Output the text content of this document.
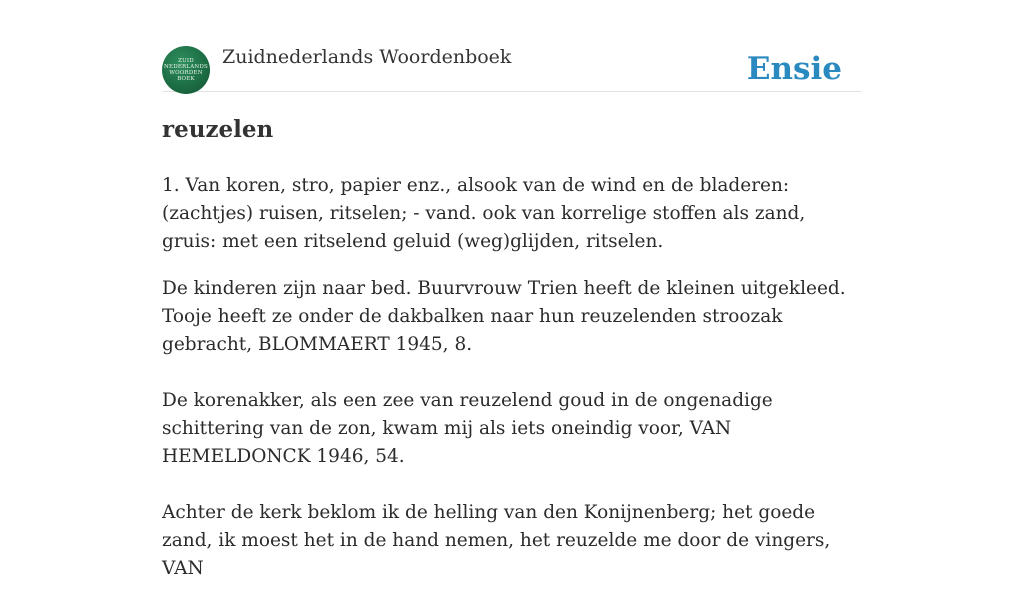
ZUID
NEDERLANDS
WOORDEN
BOEK
Zuidnederlands Woordenboek	Ensie
reuzelen

1. Van koren, stro, papier enz., alsook van de wind en de bladeren: (zachtjes) ruisen, ritselen; - vand. ook van korrelige stoffen als zand, gruis: met een ritselend geluid (weg)glijden, ritselen.

De kinderen zijn naar bed. Buurvrouw Trien heeft de kleinen uitgekleed. Tooje heeft ze onder de dakbalken naar hun reuzelenden stroozak gebracht, BLOMMAERT 1945, 8.

De korenakker, als een zee van reuzelend goud in de ongenadige schittering van de zon, kwam mij als iets oneindig voor, VAN HEMELDONCK 1946, 54.

Achter de kerk beklom ik de helling van den Konijnenberg; het goede zand, ik moest het in de hand nemen, het reuzelde me door de vingers, VAN
